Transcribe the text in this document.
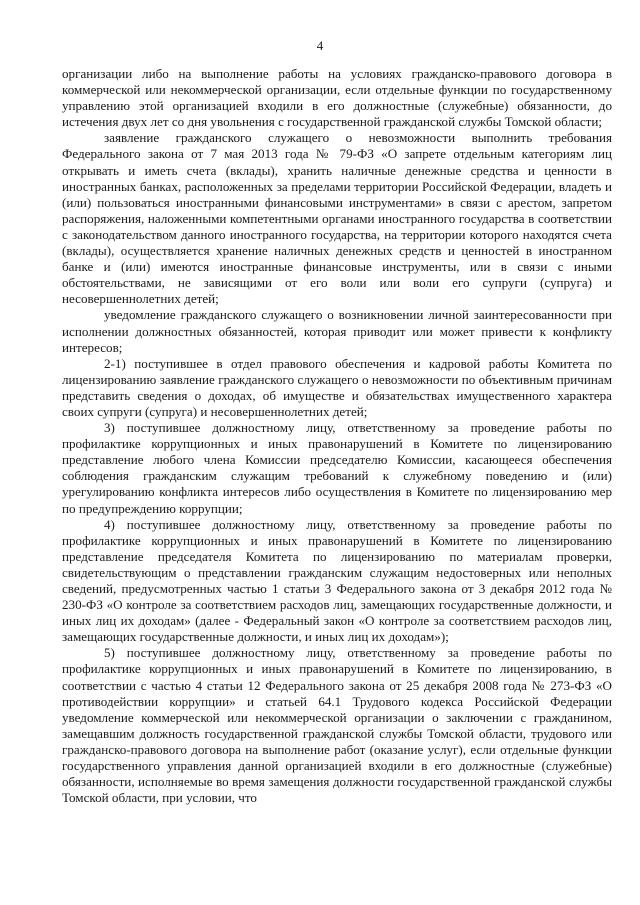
4

организации либо на выполнение работы на условиях гражданско-правового договора в коммерческой или некоммерческой организации, если отдельные функции по государственному управлению этой организацией входили в его должностные (служебные) обязанности, до истечения двух лет со дня увольнения с государственной гражданской службы Томской области;

заявление гражданского служащего о невозможности выполнить требования Федерального закона от 7 мая 2013 года № 79-ФЗ «О запрете отдельным категориям лиц открывать и иметь счета (вклады), хранить наличные денежные средства и ценности в иностранных банках, расположенных за пределами территории Российской Федерации, владеть и (или) пользоваться иностранными финансовыми инструментами» в связи с арестом, запретом распоряжения, наложенными компетентными органами иностранного государства в соответствии с законодательством данного иностранного государства, на территории которого находятся счета (вклады), осуществляется хранение наличных денежных средств и ценностей в иностранном банке и (или) имеются иностранные финансовые инструменты, или в связи с иными обстоятельствами, не зависящими от его воли или воли его супруги (супруга) и несовершеннолетних детей;

уведомление гражданского служащего о возникновении личной заинтересованности при исполнении должностных обязанностей, которая приводит или может привести к конфликту интересов;

2-1) поступившее в отдел правового обеспечения и кадровой работы Комитета по лицензированию заявление гражданского служащего о невозможности по объективным причинам представить сведения о доходах, об имуществе и обязательствах имущественного характера своих супруги (супруга) и несовершеннолетних детей;

3) поступившее должностному лицу, ответственному за проведение работы по профилактике коррупционных и иных правонарушений в Комитете по лицензированию представление любого члена Комиссии председателю Комиссии, касающееся обеспечения соблюдения гражданским служащим требований к служебному поведению и (или) урегулированию конфликта интересов либо осуществления в Комитете по лицензированию мер по предупреждению коррупции;

4) поступившее должностному лицу, ответственному за проведение работы по профилактике коррупционных и иных правонарушений в Комитете по лицензированию представление председателя Комитета по лицензированию по материалам проверки, свидетельствующим о представлении гражданским служащим недостоверных или неполных сведений, предусмотренных частью 1 статьи 3 Федерального закона от 3 декабря 2012 года № 230-ФЗ «О контроле за соответствием расходов лиц, замещающих государственные должности, и иных лиц их доходам» (далее - Федеральный закон «О контроле за соответствием расходов лиц, замещающих государственные должности, и иных лиц их доходам»);

5) поступившее должностному лицу, ответственному за проведение работы по профилактике коррупционных и иных правонарушений в Комитете по лицензированию, в соответствии с частью 4 статьи 12 Федерального закона от 25 декабря 2008 года № 273-ФЗ «О противодействии коррупции» и статьей 64.1 Трудового кодекса Российской Федерации уведомление коммерческой или некоммерческой организации о заключении с гражданином, замещавшим должность государственной гражданской службы Томской области, трудового или гражданско-правового договора на выполнение работ (оказание услуг), если отдельные функции государственного управления данной организацией входили в его должностные (служебные) обязанности, исполняемые во время замещения должности государственной гражданской службы Томской области, при условии, что
